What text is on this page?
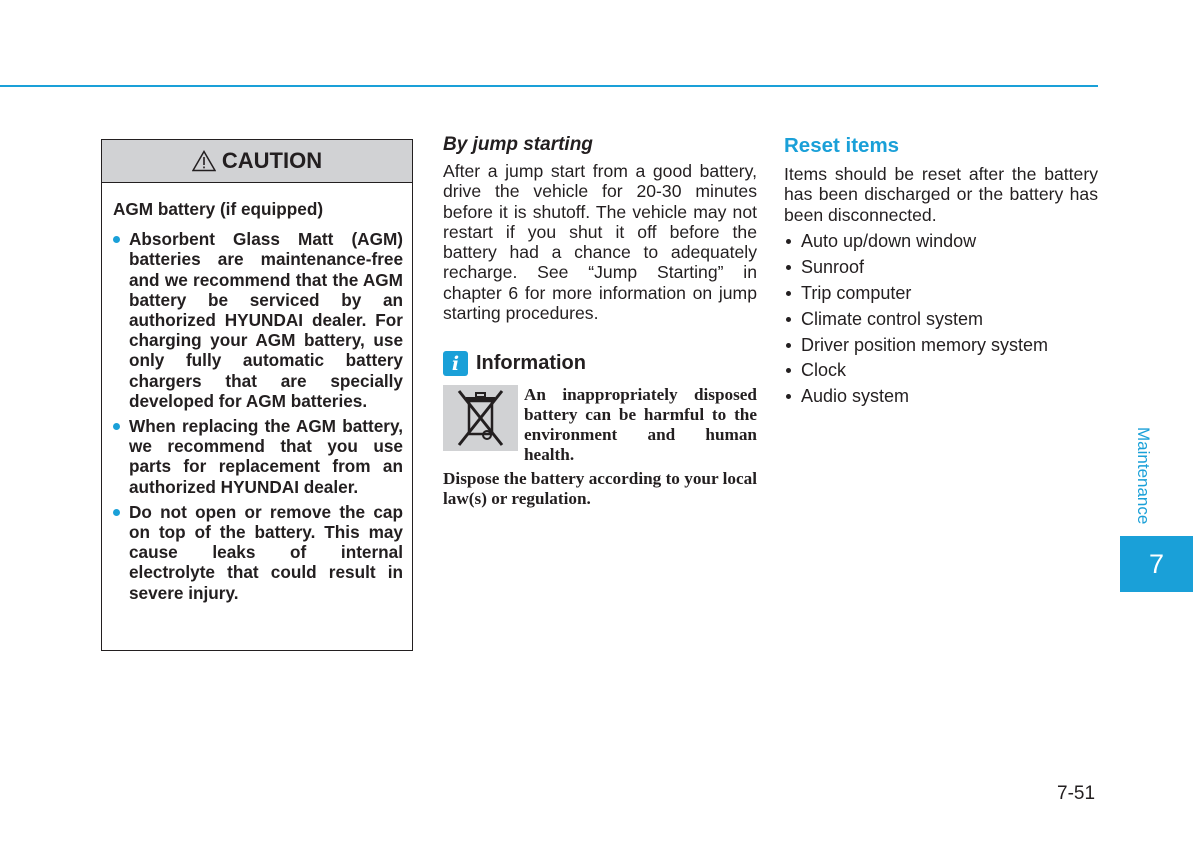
CAUTION

AGM battery (if equipped)

Absorbent Glass Matt (AGM) batteries are maintenance-free and we recommend that the AGM battery be serviced by an authorized HYUNDAI dealer. For charging your AGM battery, use only fully automatic battery chargers that are specially developed for AGM batteries.
When replacing the AGM battery, we recommend that you use parts for replacement from an authorized HYUNDAI dealer.
Do not open or remove the cap on top of the battery. This may cause leaks of internal electrolyte that could result in severe injury.
By jump starting

After a jump start from a good battery, drive the vehicle for 20-30 minutes before it is shutoff. The vehicle may not restart if you shut it off before the battery had a chance to adequately recharge. See “Jump Starting” in chapter 6 for more information on jump starting procedures.

i Information

An inappropriately disposed battery can be harmful to the environment and human health.

Dispose the battery according to your local law(s) or regulation.

Reset items

Items should be reset after the battery has been discharged or the battery has been disconnected.

Auto up/down window
Sunroof
Trip computer
Climate control system
Driver position memory system
Clock
Audio system
Maintenance
7
7-51
